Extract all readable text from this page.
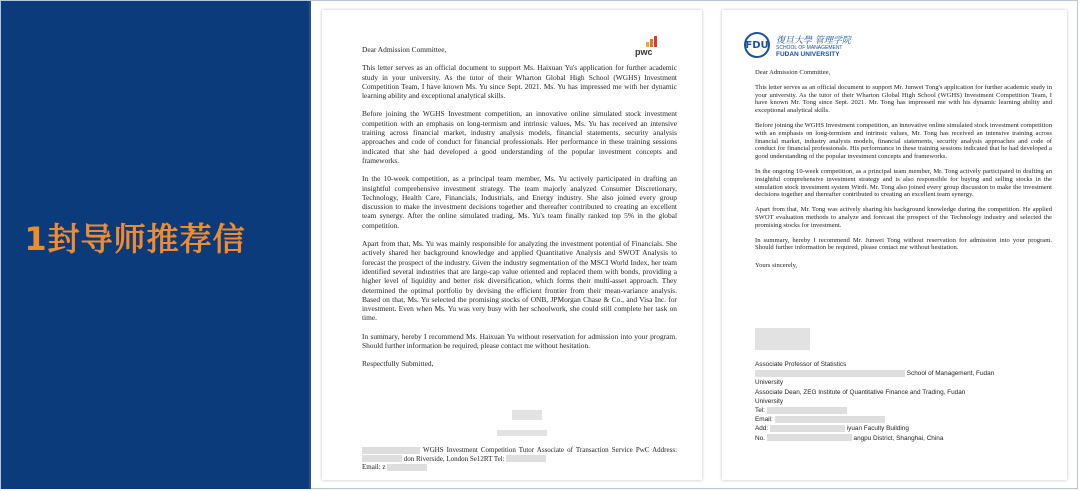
1封导师推荐信
pwc

Dear Admission Committee,

This letter serves as an official document to support Ms. Haixuan Yu's application for further academic study in your university. As the tutor of their Wharton Global High School (WGHS) Investment Competition Team, I have known Ms. Yu since Sept. 2021. Ms. Yu has impressed me with her dynamic learning ability and exceptional analytical skills.

Before joining the WGHS Investment competition, an innovative online simulated stock investment competition with an emphasis on long-termism and intrinsic values, Ms. Yu has received an intensive training across financial market, industry analysis models, financial statements, security analysis approaches and code of conduct for financial professionals. Her performance in these training sessions indicated that she had developed a good understanding of the popular investment concepts and frameworks.

In the 10-week competition, as a principal team member, Ms. Yu actively participated in drafting an insightful comprehensive investment strategy. The team majorly analyzed Consumer Discretionary, Technology, Health Care, Financials, Industrials, and Energy industry. She also joined every group discussion to make the investment decisions together and thereafter contributed to creating an excellent team synergy. After the online simulated trading, Ms. Yu's team finally ranked top 5% in the global competition.

Apart from that, Ms. Yu was mainly responsible for analyzing the investment potential of Financials. She actively shared her background knowledge and applied Quantitative Analysis and SWOT Analysis to forecast the prospect of the industry. Given the industry segmentation of the MSCI World Index, her team identified several industries that are large-cap value oriented and replaced them with bonds, providing a higher level of liquidity and better risk diversification, which forms their multi-asset approach. They determined the optimal portfolio by devising the efficient frontier from their mean-variance analysis. Based on that, Ms. Yu selected the promising stocks of ONB, JPMorgan Chase & Co., and Visa Inc. for investment. Even when Ms. Yu was very busy with her schoolwork, she could still complete her task on time.

In summary, hereby I recommend Ms. Haixuan Yu without reservation for admission into your program. Should further information be required, please contact me without hesitation.

Respectfully Submitted,

WGHS Investment Competition Tutor Associate of Transaction Service PwC Address:  don Riverside, London Se12RT Tel:
Email: z
FDU 復旦大學 管理学院
SCHOOL OF MANAGEMENT
FUDAN UNIVERSITY

Dear Admission Committee,

This letter serves as an official document to support Mr. Junwei Tong's application for further academic study in your university. As the tutor of their Wharton Global High School (WGHS) Investment Competition Team, I have known Mr. Tong since Sept. 2021. Mr. Tong has impressed me with his dynamic learning ability and exceptional analytical skills.

Before joining the WGHS Investment competition, an innovative online simulated stock investment competition with an emphasis on long-termism and intrinsic values, Mr. Tong has received an intensive training across financial market, industry analysis models, financial statements, security analysis approaches and code of conduct for financial professionals. His performance in these training sessions indicated that he had developed a good understanding of the popular investment concepts and frameworks.

In the ongoing 10-week competition, as a principal team member, Mr. Tong actively participated in drafting an insightful comprehensive investment strategy and is also responsible for buying and selling stocks in the simulation stock investment system Wirdi. Mr. Tong also joined every group discussion to make the investment decisions together and thereafter contributed to creating an excellent team synergy.

Apart from that, Mr. Tong was actively sharing his background knowledge during the competition. He applied SWOT evaluation methods to analyze and forecast the prospect of the Technology industry and selected the promising stocks for investment.

In summary, hereby I recommend Mr. Junwei Tong without reservation for admission into your program. Should further information be required, please contact me without hesitation.

Yours sincerely,

Associate Professor of Statistics
School of Management, Fudan
University
Associate Dean, ZEG Institute of Quantitative Finance and Trading, Fudan
University
Tel:
Email:
Add:	iyuan Faculty Building
No.	angpu District, Shanghai, China
